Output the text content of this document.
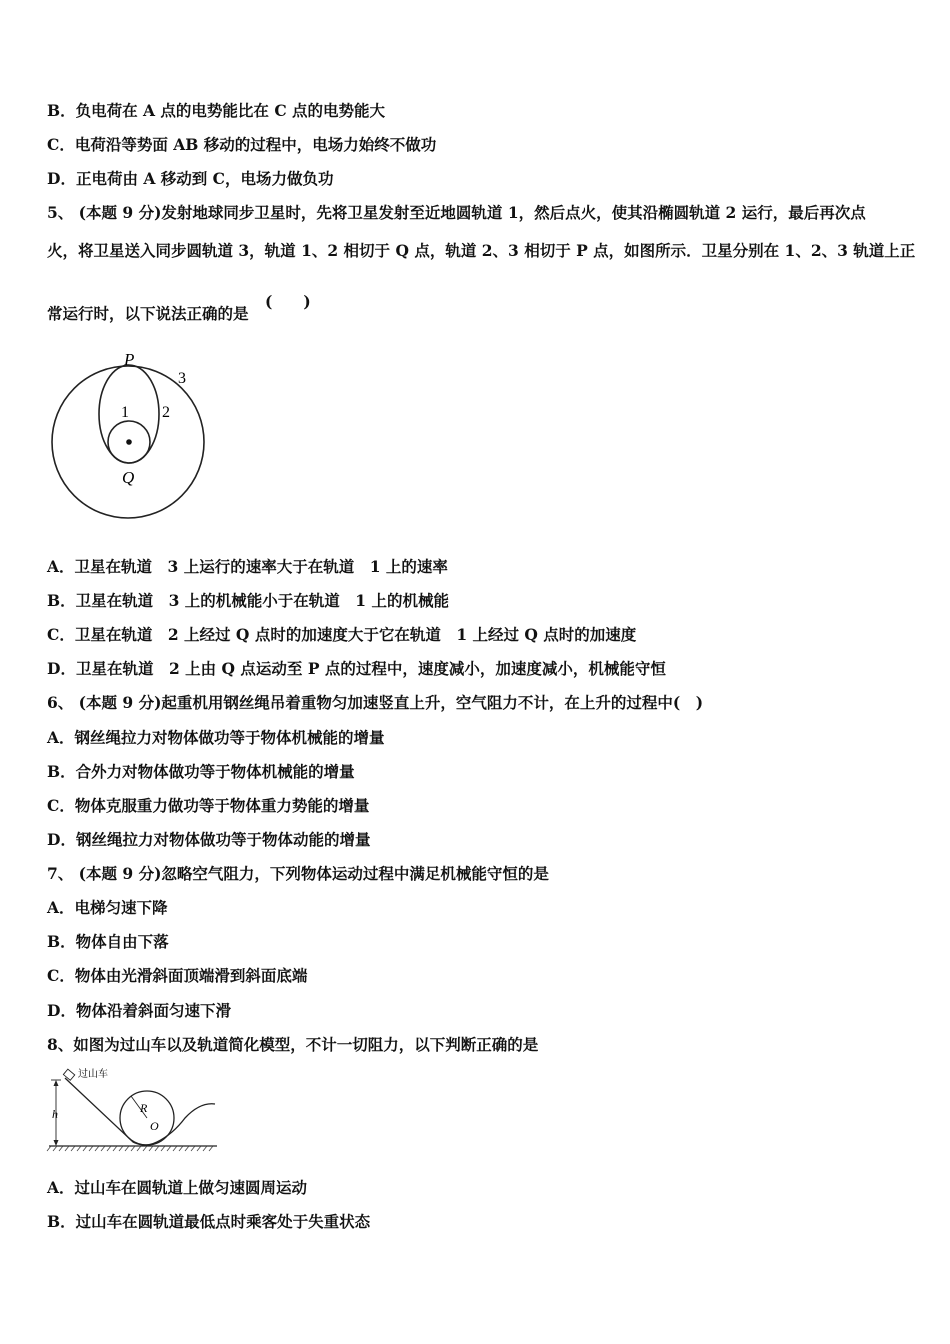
B．负电荷在 A 点的电势能比在 C 点的电势能大
C．电荷沿等势面 AB 移动的过程中，电场力始终不做功
D．正电荷由 A 移动到 C，电场力做负功
5、 (本题 9 分)发射地球同步卫星时，先将卫星发射至近地圆轨道 1，然后点火，使其沿椭圆轨道 2 运行，最后再次点
火，将卫星送入同步圆轨道 3，轨道 1、2 相切于 Q 点，轨道 2、3 相切于 P 点，如图所示．卫星分别在 1、2、3 轨道上正
常运行时，以下说法正确的是
(　　)
P
3
1 2
Q
A．卫星在轨道　3 上运行的速率大于在轨道　1 上的速率
B．卫星在轨道　3 上的机械能小于在轨道　1 上的机械能
C．卫星在轨道　2 上经过 Q 点时的加速度大于它在轨道　1 上经过 Q 点时的加速度
D．卫星在轨道　2 上由 Q 点运动至 P 点的过程中，速度减小，加速度减小，机械能守恒
6、 (本题 9 分)起重机用钢丝绳吊着重物匀加速竖直上升，空气阻力不计，在上升的过程中(　)
A．钢丝绳拉力对物体做功等于物体机械能的增量
B．合外力对物体做功等于物体机械能的增量
C．物体克服重力做功等于物体重力势能的增量
D．钢丝绳拉力对物体做功等于物体动能的增量
7、 (本题 9 分)忽略空气阻力，下列物体运动过程中满足机械能守恒的是
A．电梯匀速下降
B．物体自由下落
C．物体由光滑斜面顶端滑到斜面底端
D．物体沿着斜面匀速下滑
8、如图为过山车以及轨道简化模型，不计一切阻力，以下判断正确的是
h	R
O
过山车
A．过山车在圆轨道上做匀速圆周运动
B．过山车在圆轨道最低点时乘客处于失重状态
